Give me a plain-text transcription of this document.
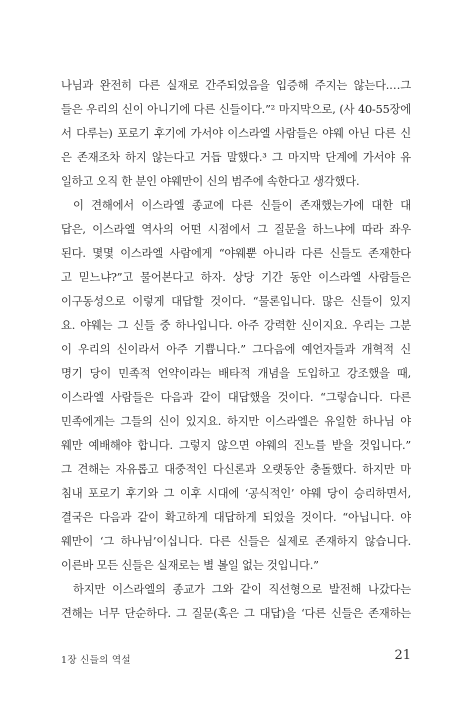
나님과 완전히 다른 실재로 간주되었음을 입증해 주지는 않는다.…그
들은 우리의 신이 아니기에 다른 신들이다.”² 마지막으로, (사 40-55장에
서 다루는) 포로기 후기에 가서야 이스라엘 사람들은 야웨 아닌 다른 신
은 존재조차 하지 않는다고 거듭 말했다.³ 그 마지막 단계에 가서야 유
일하고 오직 한 분인 야웨만이 신의 범주에 속한다고 생각했다.
이 견해에서 이스라엘 종교에 다른 신들이 존재했는가에 대한 대
답은, 이스라엘 역사의 어떤 시점에서 그 질문을 하느냐에 따라 좌우
된다. 몇몇 이스라엘 사람에게 “야웨뿐 아니라 다른 신들도 존재한다
고 믿느냐?”고 물어본다고 하자. 상당 기간 동안 이스라엘 사람들은
이구동성으로 이렇게 대답할 것이다. “물론입니다. 많은 신들이 있지
요. 야웨는 그 신들 중 하나입니다. 아주 강력한 신이지요. 우리는 그분
이 우리의 신이라서 아주 기쁩니다.” 그다음에 예언자들과 개혁적 신
명기 당이 민족적 언약이라는 배타적 개념을 도입하고 강조했을 때,
이스라엘 사람들은 다음과 같이 대답했을 것이다. “그렇습니다. 다른
민족에게는 그들의 신이 있지요. 하지만 이스라엘은 유일한 하나님 야
웨만 예배해야 합니다. 그렇지 않으면 야웨의 진노를 받을 것입니다.”
그 견해는 자유롭고 대중적인 다신론과 오랫동안 충돌했다. 하지만 마
침내 포로기 후기와 그 이후 시대에 ‘공식적인’ 야웨 당이 승리하면서,
결국은 다음과 같이 확고하게 대답하게 되었을 것이다. “아닙니다. 야
웨만이 ‘그 하나님’이십니다. 다른 신들은 실제로 존재하지 않습니다.
이른바 모든 신들은 실재로는 별 볼일 없는 것입니다.”
하지만 이스라엘의 종교가 그와 같이 직선형으로 발전해 나갔다는
견해는 너무 단순하다. 그 질문(혹은 그 대답)을 ‘다른 신들은 존재하는
1장 신들의 역설	21
